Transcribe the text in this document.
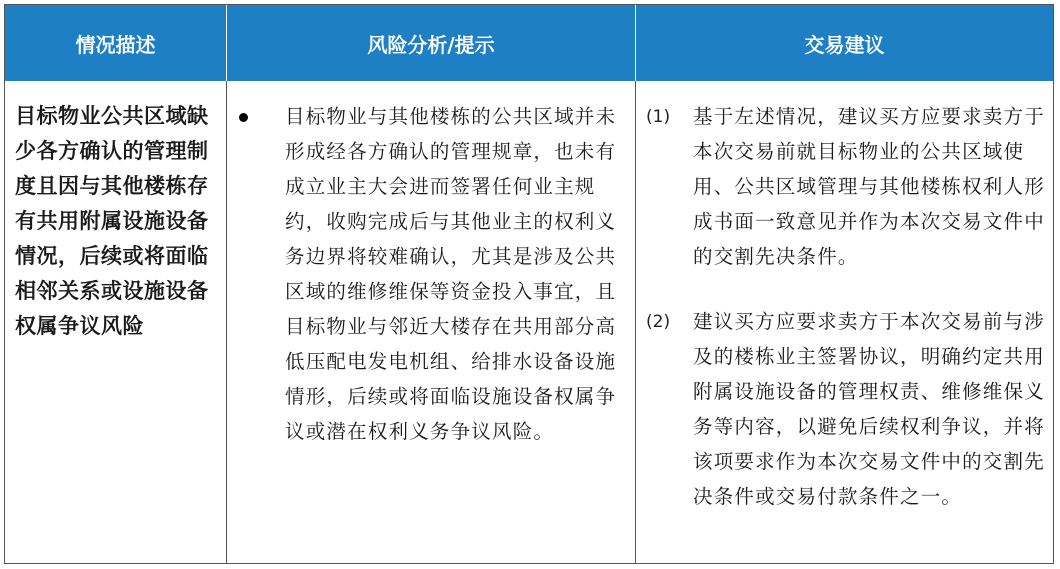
情况描述	风险分析/提示	交易建议
目标物业公共区域缺少各方确认的管理制度且因与其他楼栋存有共用附属设施设备情况，后续或将面临相邻关系或设施设备权属争议风险
目标物业与其他楼栋的公共区域并未形成经各方确认的管理规章，也未有成立业主大会进而签署任何业主规约，收购完成后与其他业主的权利义务边界将较难确认，尤其是涉及公共区域的维修维保等资金投入事宜，且目标物业与邻近大楼存在共用部分高低压配电发电机组、给排水设备设施情形，后续或将面临设施设备权属争议或潜在权利义务争议风险。
(1) 基于左述情况，建议买方应要求卖方于本次交易前就目标物业的公共区域使用、公共区域管理与其他楼栋权利人形成书面一致意见并作为本次交易文件中的交割先决条件。
(2) 建议买方应要求卖方于本次交易前与涉及的楼栋业主签署协议，明确约定共用附属设施设备的管理权责、维修维保义务等内容，以避免后续权利争议，并将该项要求作为本次交易文件中的交割先决条件或交易付款条件之一。
